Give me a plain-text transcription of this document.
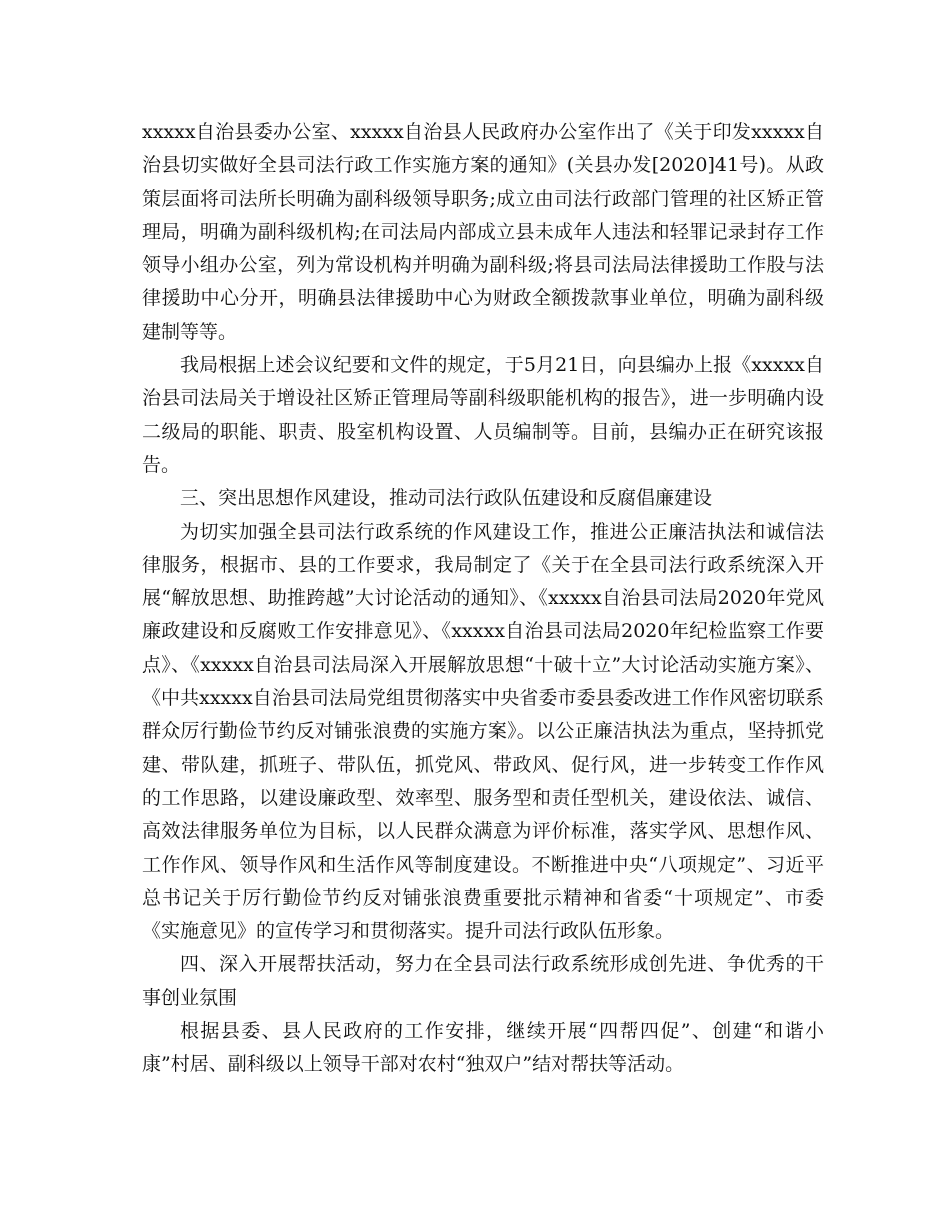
xxxxx自治县委办公室、xxxxx自治县人民政府办公室作出了《关于印发xxxxx自治县切实做好全县司法行政工作实施方案的通知》(关县办发[2020]41号)。从政策层面将司法所长明确为副科级领导职务;成立由司法行政部门管理的社区矫正管理局，明确为副科级机构;在司法局内部成立县未成年人违法和轻罪记录封存工作领导小组办公室，列为常设机构并明确为副科级;将县司法局法律援助工作股与法律援助中心分开，明确县法律援助中心为财政全额拨款事业单位，明确为副科级建制等等。

我局根据上述会议纪要和文件的规定，于5月21日，向县编办上报《xxxxx自治县司法局关于增设社区矫正管理局等副科级职能机构的报告》，进一步明确内设二级局的职能、职责、股室机构设置、人员编制等。目前，县编办正在研究该报告。

三、突出思想作风建设，推动司法行政队伍建设和反腐倡廉建设

为切实加强全县司法行政系统的作风建设工作，推进公正廉洁执法和诚信法律服务，根据市、县的工作要求，我局制定了《关于在全县司法行政系统深入开展“解放思想、助推跨越”大讨论活动的通知》、《xxxxx自治县司法局2020年党风廉政建设和反腐败工作安排意见》、《xxxxx自治县司法局2020年纪检监察工作要点》、《xxxxx自治县司法局深入开展解放思想“十破十立”大讨论活动实施方案》、《中共xxxxx自治县司法局党组贯彻落实中央省委市委县委改进工作作风密切联系群众厉行勤俭节约反对铺张浪费的实施方案》。以公正廉洁执法为重点，坚持抓党建、带队建，抓班子、带队伍，抓党风、带政风、促行风，进一步转变工作作风的工作思路，以建设廉政型、效率型、服务型和责任型机关，建设依法、诚信、高效法律服务单位为目标，以人民群众满意为评价标准，落实学风、思想作风、工作作风、领导作风和生活作风等制度建设。不断推进中央“八项规定”、习近平总书记关于厉行勤俭节约反对铺张浪费重要批示精神和省委“十项规定”、市委《实施意见》的宣传学习和贯彻落实。提升司法行政队伍形象。

四、深入开展帮扶活动，努力在全县司法行政系统形成创先进、争优秀的干事创业氛围

根据县委、县人民政府的工作安排，继续开展“四帮四促”、创建“和谐小康”村居、副科级以上领导干部对农村“独双户”结对帮扶等活动。
